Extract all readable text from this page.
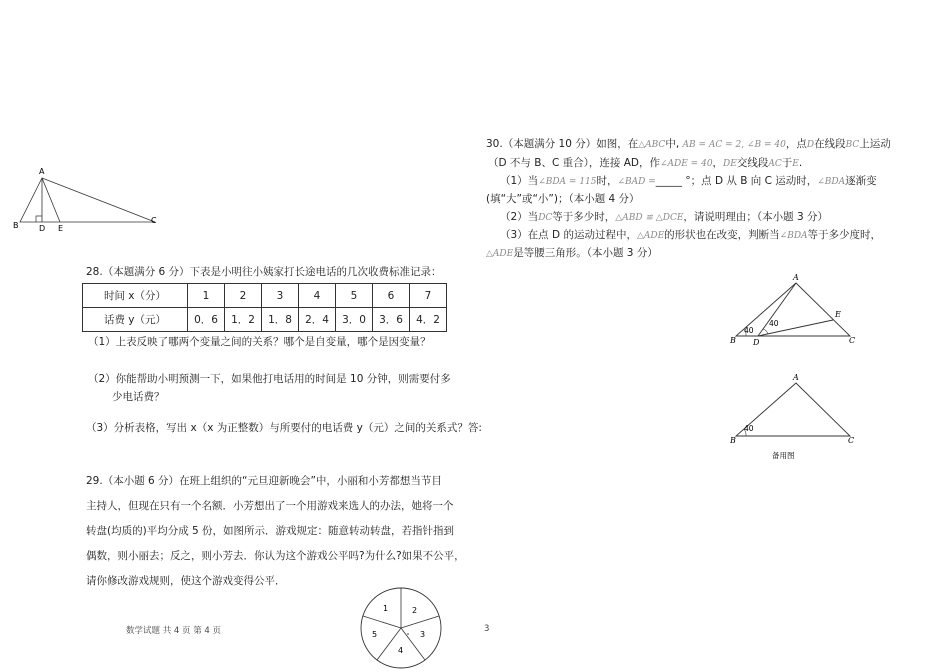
A
B	D E
C
28.（本题满分 6 分）下表是小明往小姨家打长途电话的几次收费标准记录：
时间 x（分）	1	2	3	4	5	6	7
话费 y（元）	0．6	1．2	1．8	2．4	3．0	3．6	4．2
（1）上表反映了哪两个变量之间的关系？哪个是自变量，哪个是因变量？
（2）你能帮助小明预测一下，如果他打电话用的时间是 10 分钟，则需要付多
少电话费？
（3）分析表格，写出 x（x 为正整数）与所要付的电话费 y（元）之间的关系式？答:
29.（本小题 6 分）在班上组织的“元旦迎新晚会”中，小丽和小芳都想当节目
主持人，但现在只有一个名额．小芳想出了一个用游戏来选人的办法，她将一个
转盘(均质的)平均分成 5 份，如图所示．游戏规定：随意转动转盘，若指针指到
偶数，则小丽去；反之，则小芳去．你认为这个游戏公平吗?为什么?如果不公平，
请你修改游戏规则，使这个游戏变得公平．
1	2
3
4
5
数学试题 共 4 页 第 4 页	3
30.（本题满分 10 分）如图，在△ABC中, AB = AC = 2, ∠B = 40，点D在线段BC上运动
（D 不与 B、C 重合），连接 AD，作∠ADE = 40，DE交线段AC于E.
（1）当∠BDA = 115时，∠BAD =_____ °；点 D 从 B 向 C 运动时，∠BDA逐渐变
(填“大”或“小”)；（本小题 4 分）
（2）当DC等于多少时，△ABD ≌ △DCE，请说明理由；（本小题 3 分）
（3）在点 D 的运动过程中，△ADE的形状也在改变，判断当∠BDA等于多少度时，
△ADE是等腰三角形。（本小题 3 分）
A
B D
E
C
40
40
A
B	C
40
备用图
